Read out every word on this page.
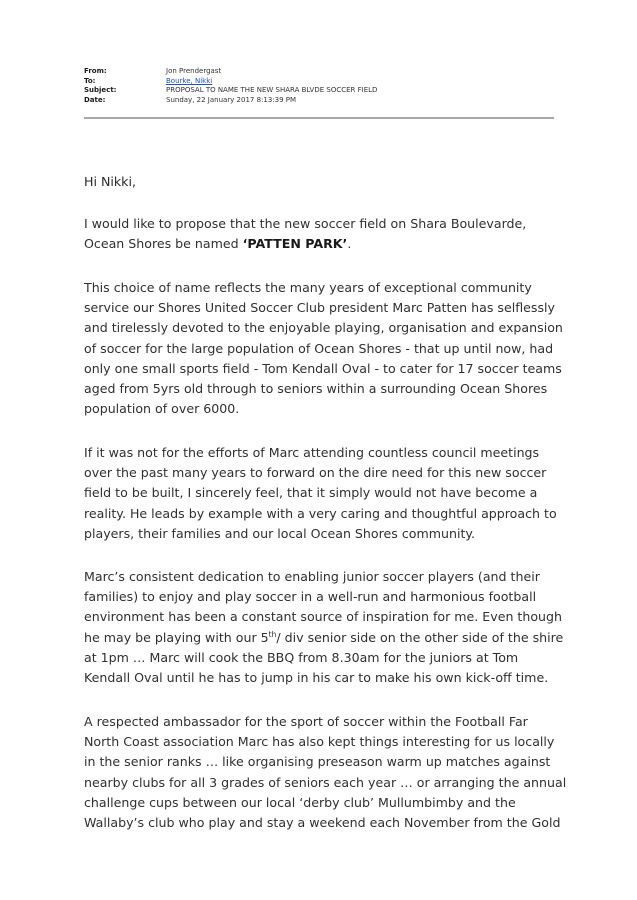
From:	Jon Prendergast
To:	Bourke, Nikki
Subject:	PROPOSAL TO NAME THE NEW SHARA BLVDE SOCCER FIELD
Date:	Sunday, 22 January 2017 8:13:39 PM
Hi Nikki,
I would like to propose that the new soccer field on Shara Boulevarde,
Ocean Shores be named ‘PATTEN PARK’.
This choice of name reflects the many years of exceptional community
service our Shores United Soccer Club president Marc Patten has selflessly
and tirelessly devoted to the enjoyable playing, organisation and expansion
of soccer for the large population of Ocean Shores - that up until now, had
only one small sports field - Tom Kendall Oval - to cater for 17 soccer teams
aged from 5yrs old through to seniors within a surrounding Ocean Shores
population of over 6000.
If it was not for the efforts of Marc attending countless council meetings
over the past many years to forward on the dire need for this new soccer
field to be built, I sincerely feel, that it simply would not have become a
reality. He leads by example with a very caring and thoughtful approach to
players, their families and our local Ocean Shores community.
Marc’s consistent dedication to enabling junior soccer players (and their
families) to enjoy and play soccer in a well-run and harmonious football
environment has been a constant source of inspiration for me. Even though
he may be playing with our 5th/ div senior side on the other side of the shire
at 1pm … Marc will cook the BBQ from 8.30am for the juniors at Tom
Kendall Oval until he has to jump in his car to make his own kick-off time.
A respected ambassador for the sport of soccer within the Football Far
North Coast association Marc has also kept things interesting for us locally
in the senior ranks … like organising preseason warm up matches against
nearby clubs for all 3 grades of seniors each year … or arranging the annual
challenge cups between our local ‘derby club’ Mullumbimby and the
Wallaby’s club who play and stay a weekend each November from the Gold
